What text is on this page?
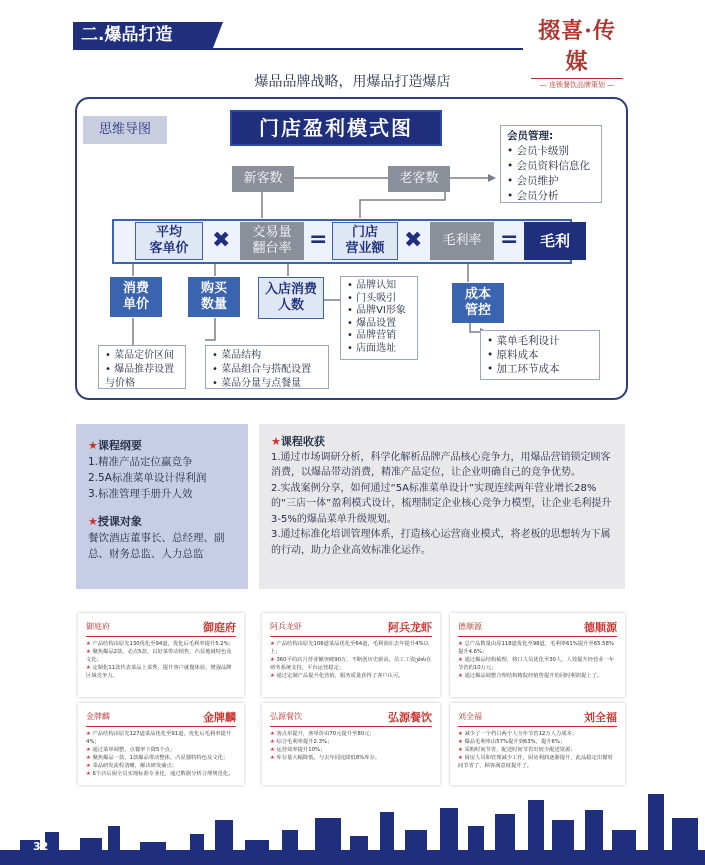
二.爆品打造	掇喜·传媒
— 连锁餐饮品牌策划 —
爆品品牌战略，用爆品打造爆店
思维导图	门店盈利模式图
新客数	老客数
会员管理:
• 会员卡级别
• 会员资料信息化
• 会员维护
• 会员分析
平均
客单价 ✖ 交易量
翻台率 = 门店
营业额 ✖	毛利率 =	毛利
消费
单价
购买
数量
入店消费
人数
成本
管控
• 菜品定价区间
• 爆品推荐设置与价格
• 菜品结构
• 菜品组合与搭配设置
• 菜品分量与点餐量
• 品牌认知
• 门头吸引
• 品牌VI形象
• 爆品设置
• 品牌营销
• 店面选址
• 菜单毛利设计
• 原料成本
• 加工环节成本
★课程纲要
1.精准产品定位赢竞争
2.5A标准菜单设计得利润
3.标准管理手册升人效
★授课对象
餐饮酒店董事长、总经理、副总、财务总监、人力总监
★课程收获
1.通过市场调研分析，科学化解析品牌产品核心竞争力，用爆品营销锁定顾客消费，以爆品带动消费，精准产品定位，让企业明确自己的竞争优势。
2.实战案例分享，如何通过“5A标准菜单设计”实现连续两年营业增长28%的“三店一体”盈利模式设计，梳理制定企业核心竞争力模型，让企业毛利提升3-5%的爆品菜单升级规划。
3.通过标准化培训管理体系，打造核心运营商业模式，将老板的思想转为下属的行动，助力企业高效标准化运作。
御庭府	御庭府
★ 产品结构由原先130优化至94道，优化后毛利率提升5.2%；
★ 聚焦爆品2款，必点5款，以好菜带动销售，凸显地域特色及文化；
★ 定制化11款代表菜品上菜秀，提升客户就餐体验，增强品牌区域竞争力。
阿兵龙虾	阿兵龙虾
★ 产品结构由原先106道菜品优化至64道，毛利润在去年提升4%以上；
★ 360平的店月营业额突破90万，不断创历史新高，员工工资ების在财务系统支持，平台运营稳定；
★ 通过定制产品提升化营销，服务质量获得了客户认可。
德顺源	德顺源
★ 总产品数量由原118道优化至98道，毛利率61%提升至65.58%提升4.6%；
★ 通过爆品结构梳理，将口人员优化至30人，人效提升经营业一年节省约10万元；
★ 通过爆品调整合理结构精院经销售提升的同时利润提上了。
金牌麟	金牌麟
★ 产品结构由原先127道菜品优化至91道，优化后毛利率提升4%；
★ 通过菜单调整，点餐率下降5个点；
★ 聚焦爆品一款，1款爆品带动整体，凸显独特特色及文化；
★ 菜品研发流程清晰，解决研发痛点；
★ 6个店后厨全员实现标准专业化，通过数据分析合理规范化。
弘源餐饮	弘源餐饮
★ 客点单提升，客单价由70元提升至80元；
★ 综合毛利率提升2.3%；
★ 运营效率提升10%；
★ 库存量大幅降低，与去年同比降低8%库存。
刘全福	刘全福
★ 减少了一个档口两个人全年节省12万人力成本；
★ 爆品毛利率由57%提升到63%，提升6%；
★ 采购时间节省，配送时间节省出较少配送资源；
★ 厨房人员和管理减少工作，厨房利润逐渐提升，此品稳定出餐时间节省了，顾客满意度提升了。
32
